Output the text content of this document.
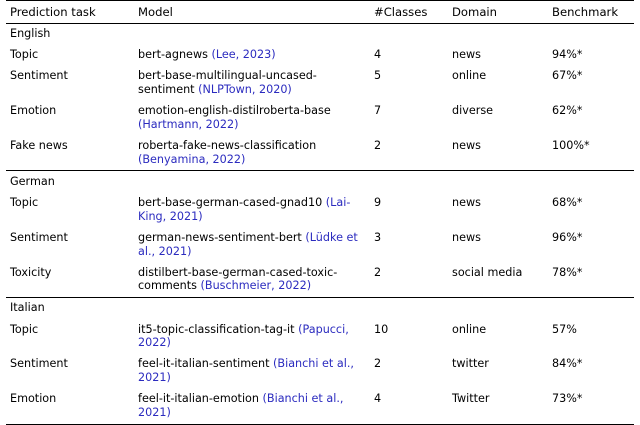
Prediction task	Model	#Classes	Domain	Benchmark
English				
Topic	bert-agnews (Lee, 2023)	4	news	94%*
Sentiment	bert-base-multilingual-uncased-sentiment (NLPTown, 2020)	5	online	67%*
Emotion	emotion-english-distilroberta-base (Hartmann, 2022)	7	diverse	62%*
Fake news	roberta-fake-news-classification (Benyamina, 2022)	2	news	100%*
German				
Topic	bert-base-german-cased-gnad10 (Lai-King, 2021)	9	news	68%*
Sentiment	german-news-sentiment-bert (Lüdke et al., 2021)	3	news	96%*
Toxicity	distilbert-base-german-cased-toxic-comments (Buschmeier, 2022)	2	social media	78%*
Italian				
Topic	it5-topic-classification-tag-it (Papucci, 2022)	10	online	57%
Sentiment	feel-it-italian-sentiment (Bianchi et al., 2021)	2	twitter	84%*
Emotion	feel-it-italian-emotion (Bianchi et al., 2021)	4	Twitter	73%*
